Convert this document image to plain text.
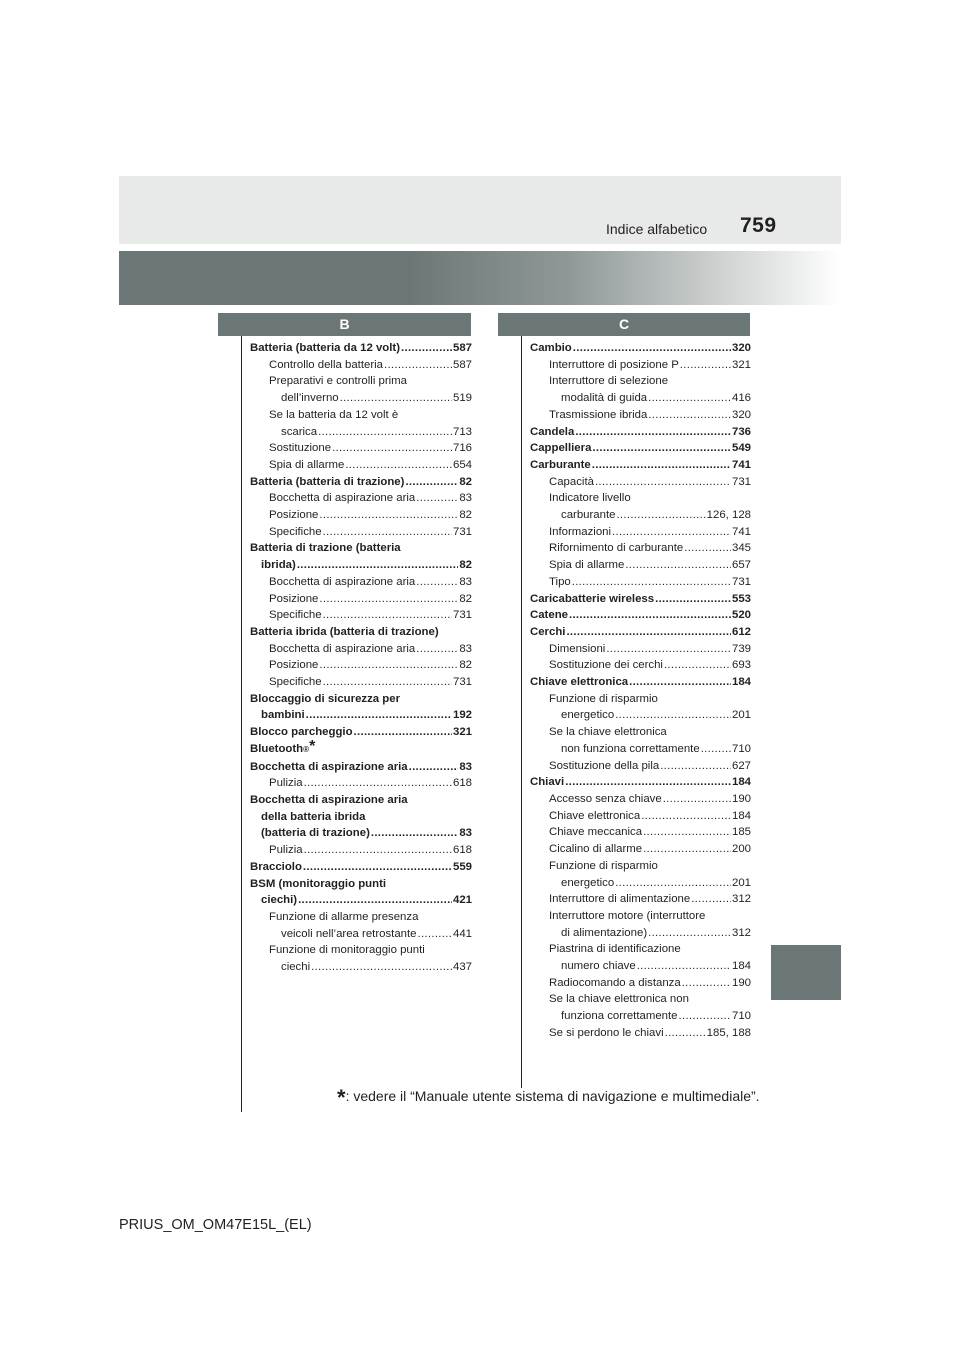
Indice alfabetico 759
B	C
Batteria (batteria da 12 volt) .....	587
Controllo della batteria .....	587
Preparativi e controlli prima
dell’inverno .....	519
Se la batteria da 12 volt è
scarica .....	713
Sostituzione .....	716
Spia di allarme .....	654
Batteria (batteria di trazione) .....	82
Bocchetta di aspirazione aria .....	83
Posizione .....	82
Specifiche .....	731
Batteria di trazione (batteria
ibrida) .....	82
Bocchetta di aspirazione aria .....	83
Posizione .....	82
Specifiche .....	731
Batteria ibrida (batteria di trazione)
Bocchetta di aspirazione aria .....	83
Posizione .....	82
Specifiche .....	731
Bloccaggio di sicurezza per
bambini .....	192
Blocco parcheggio .....	321
Bluetooth ®*
Bocchetta di aspirazione aria .....	83
Pulizia .....	618
Bocchetta di aspirazione aria
della batteria ibrida
(batteria di trazione) .....	83
Pulizia .....	618
Bracciolo .....	559
BSM (monitoraggio punti
ciechi) .....	421
Funzione di allarme presenza
veicoli nell’area retrostante .....	441
Funzione di monitoraggio punti
ciechi .....	437
Cambio .....	320
Interruttore di posizione P .....	321
Interruttore di selezione
modalità di guida .....	416
Trasmissione ibrida .....	320
Candela .....	736
Cappelliera .....	549
Carburante .....	741
Capacità .....	731
Indicatore livello
carburante .....	126, 128
Informazioni .....	741
Rifornimento di carburante .....	345
Spia di allarme .....	657
Tipo .....	731
Caricabatterie wireless .....	553
Catene .....	520
Cerchi .....	612
Dimensioni .....	739
Sostituzione dei cerchi .....	693
Chiave elettronica .....	184
Funzione di risparmio
energetico .....	201
Se la chiave elettronica
non funziona correttamente .....	710
Sostituzione della pila .....	627
Chiavi .....	184
Accesso senza chiave .....	190
Chiave elettronica .....	184
Chiave meccanica .....	185
Cicalino di allarme .....	200
Funzione di risparmio
energetico .....	201
Interruttore di alimentazione .....	312
Interruttore motore (interruttore
di alimentazione) .....	312
Piastrina di identificazione
numero chiave .....	184
Radiocomando a distanza .....	190
Se la chiave elettronica non
funziona correttamente .....	710
Se si perdono le chiavi .....	185, 188
*: vedere il “Manuale utente sistema di navigazione e multimediale”.
PRIUS_OM_OM47E15L_(EL)
